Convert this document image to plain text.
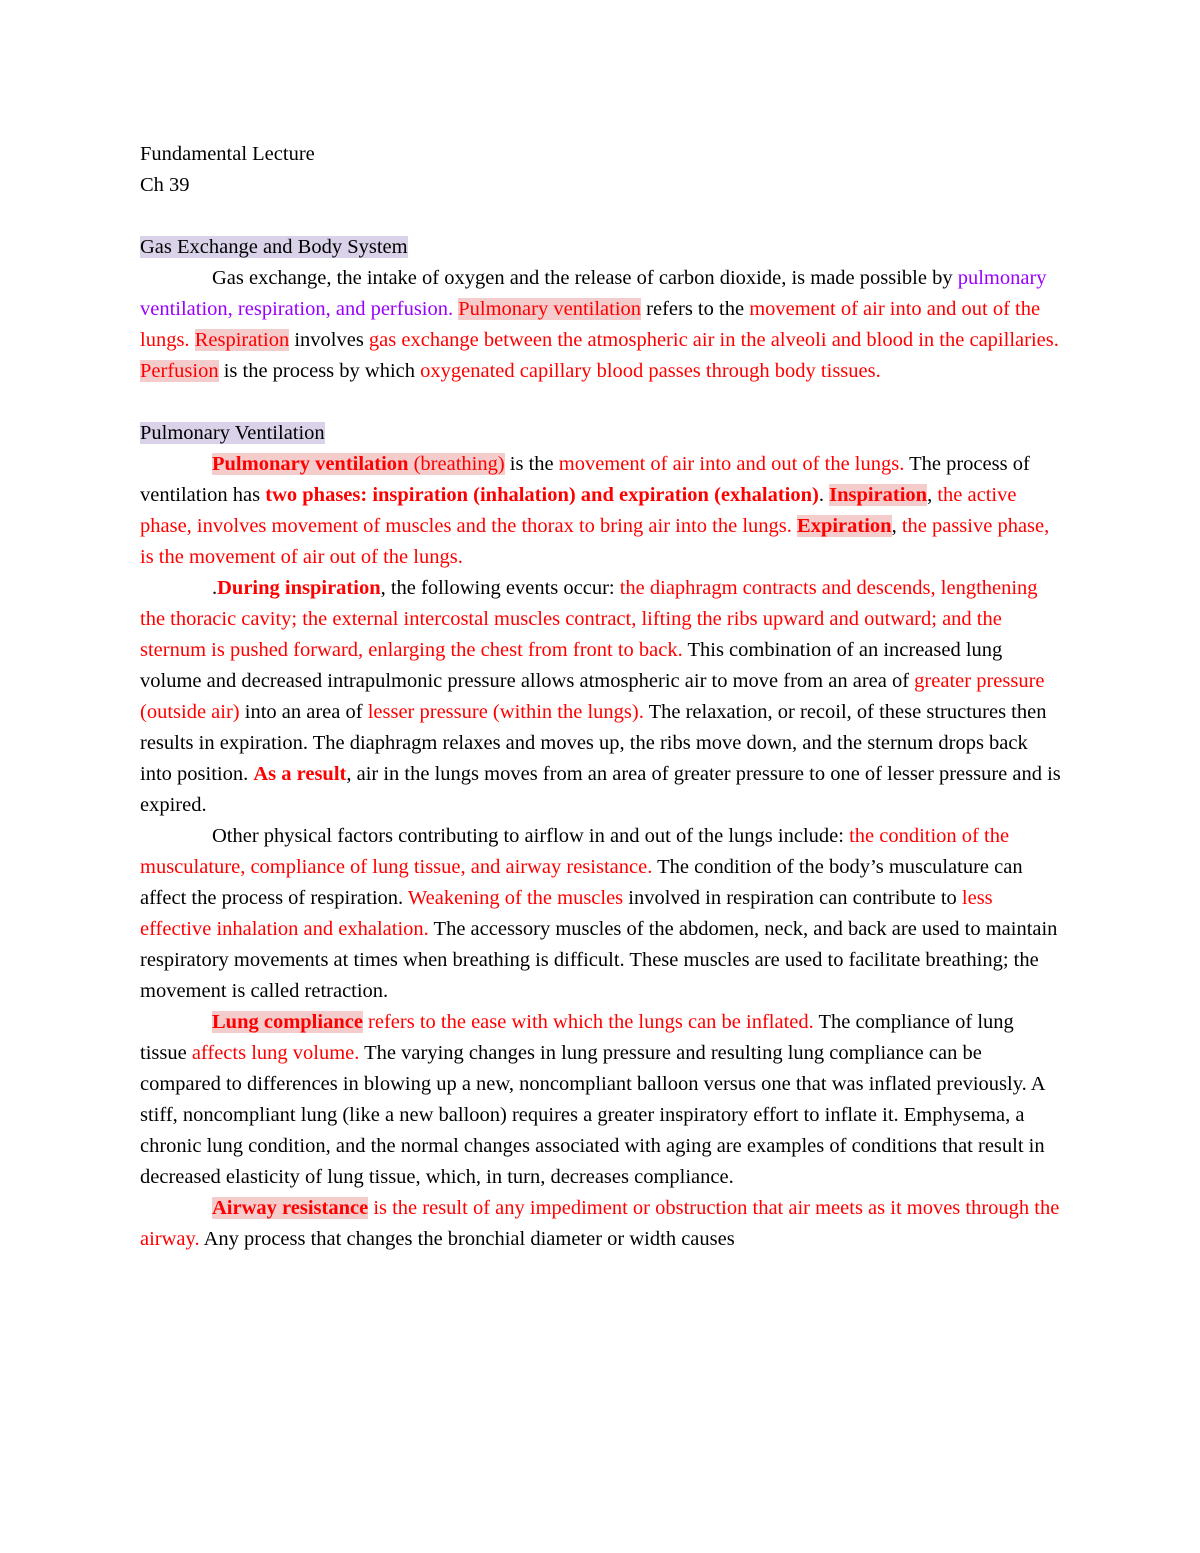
Fundamental Lecture

Ch 39

Gas Exchange and Body System

Gas exchange, the intake of oxygen and the release of carbon dioxide, is made possible by pulmonary ventilation, respiration, and perfusion. Pulmonary ventilation refers to the movement of air into and out of the lungs. Respiration involves gas exchange between the atmospheric air in the alveoli and blood in the capillaries. Perfusion is the process by which oxygenated capillary blood passes through body tissues.

Pulmonary Ventilation

Pulmonary ventilation (breathing) is the movement of air into and out of the lungs. The process of ventilation has two phases: inspiration (inhalation) and expiration (exhalation). Inspiration, the active phase, involves movement of muscles and the thorax to bring air into the lungs. Expiration, the passive phase, is the movement of air out of the lungs.

.During inspiration, the following events occur: the diaphragm contracts and descends, lengthening the thoracic cavity; the external intercostal muscles contract, lifting the ribs upward and outward; and the sternum is pushed forward, enlarging the chest from front to back. This combination of an increased lung volume and decreased intrapulmonic pressure allows atmospheric air to move from an area of greater pressure (outside air) into an area of lesser pressure (within the lungs). The relaxation, or recoil, of these structures then results in expiration. The diaphragm relaxes and moves up, the ribs move down, and the sternum drops back into position. As a result, air in the lungs moves from an area of greater pressure to one of lesser pressure and is expired.

Other physical factors contributing to airflow in and out of the lungs include: the condition of the musculature, compliance of lung tissue, and airway resistance. The condition of the body’s musculature can affect the process of respiration. Weakening of the muscles involved in respiration can contribute to less effective inhalation and exhalation. The accessory muscles of the abdomen, neck, and back are used to maintain respiratory movements at times when breathing is difficult. These muscles are used to facilitate breathing; the movement is called retraction.

Lung compliance refers to the ease with which the lungs can be inflated. The compliance of lung tissue affects lung volume. The varying changes in lung pressure and resulting lung compliance can be compared to differences in blowing up a new, noncompliant balloon versus one that was inflated previously. A stiff, noncompliant lung (like a new balloon) requires a greater inspiratory effort to inflate it. Emphysema, a chronic lung condition, and the normal changes associated with aging are examples of conditions that result in decreased elasticity of lung tissue, which, in turn, decreases compliance.

Airway resistance is the result of any impediment or obstruction that air meets as it moves through the airway. Any process that changes the bronchial diameter or width causes
